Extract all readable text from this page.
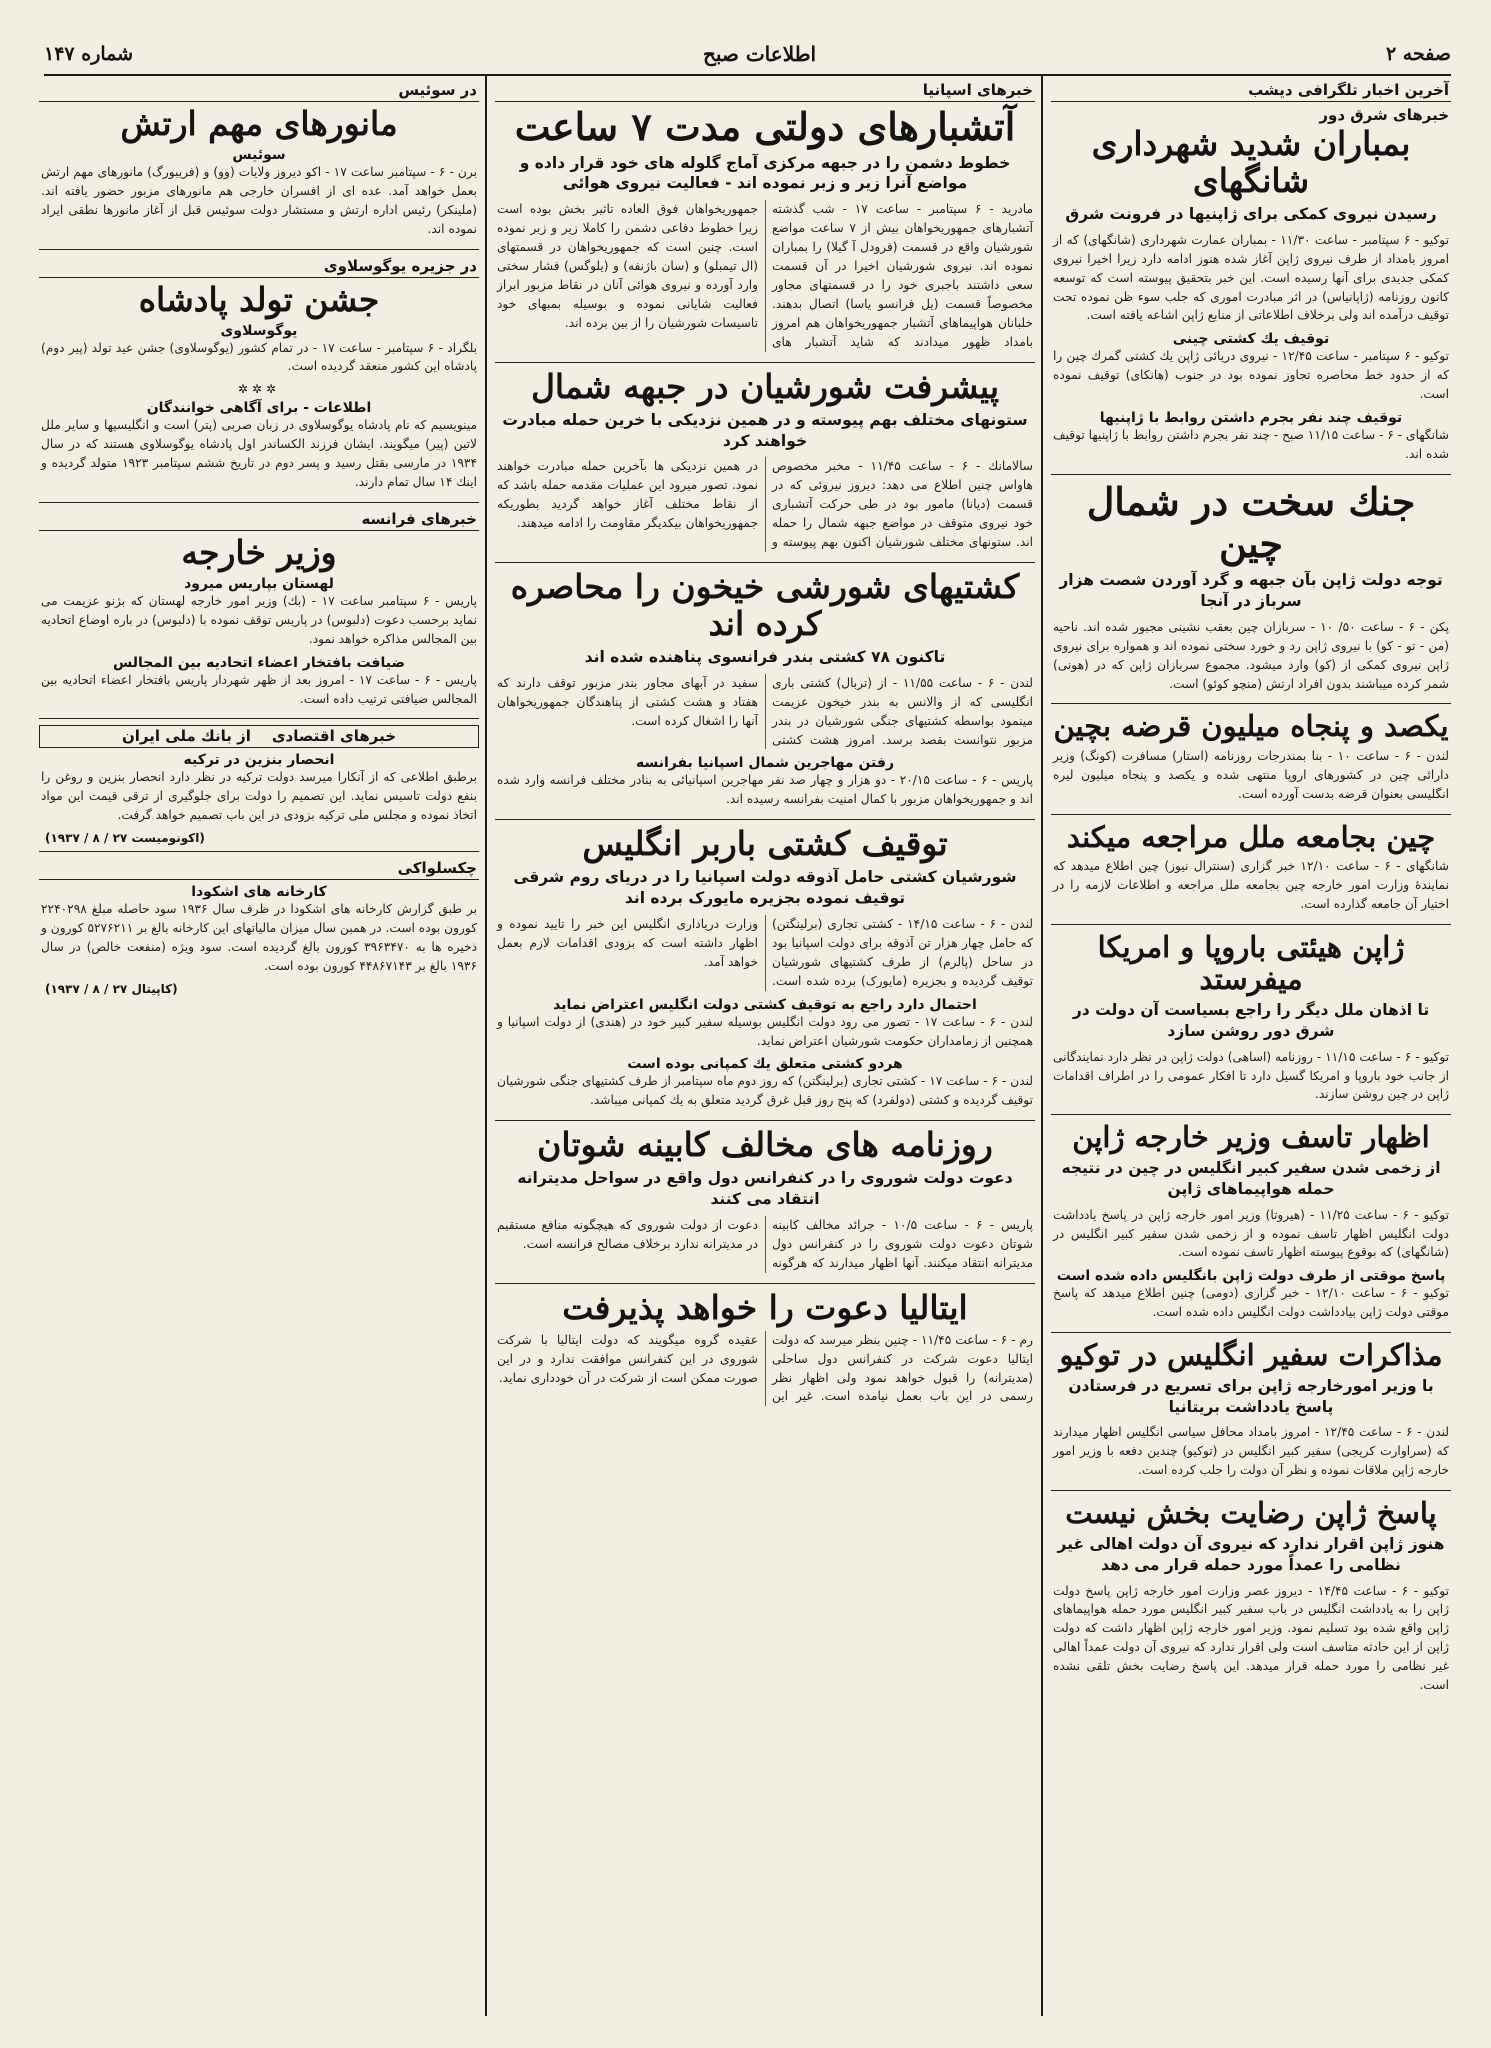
صفحه ۲
اطلاعات صبح
شماره ۱۴۷
آخرین اخبار تلگرافی دیشب
خبرهای شرق دور
بمباران شدید شهرداری شانگهای
رسیدن نیروی کمکی برای ژاپنیها در فرونت شرق
توکیو - ۶ سپتامبر - ساعت ۱۱/۳۰ - بمباران عمارت شهرداری (شانگهای) که از امروز بامداد از طرف نیروی ژاپن آغاز شده هنوز ادامه دارد زیرا اخیرا نیروی کمکی جدیدی برای آنها رسیده است. این خبر بتحقیق پیوسته است که توسعه کانون روزنامه (ژاپانیاس) در اثر مبادرت اموری که جلب سوء ظن نموده تحت توقیف درآمده اند ولی برخلاف اطلاعاتی از منابع ژاپن اشاعه یافته است.
توقیف یك كشتی چینی
توکیو - ۶ سپتامبر - ساعت ۱۲/۴۵ - نیروی دریائی ژاپن یك کشتی گمرك چین را که از حدود خط محاصره تجاوز نموده بود در جنوب (هانکای) توقیف نموده است.
توقیف چند نفر بجرم داشتن روابط با ژاپنیها
شانگهای - ۶ - ساعت ۱۱/۱۵ صبح - چند نفر بجرم داشتن روابط با ژاپنیها توقیف شده اند.
جنك سخت در شمال چین
توجه دولت ژاپن بآن جبهه و گرد آوردن شصت هزار سرباز در آنجا
پکن - ۶ - ساعت ۵۰/ ۱۰ - سربازان چین بعقب نشینی مجبور شده اند. ناحیه (من - تو - کو) با نیروی ژاپن رد و خورد سختی نموده اند و همواره برای نیروی ژاپن نیروی کمکی از (کو) وارد میشود. مجموع سربازان ژاپن که در (هونی) شمر کرده میباشند بدون افراد ارتش (منچو کوئو) است.
یکصد و پنجاه میلیون قرضه بچین
لندن - ۶ - ساعت ۱۰ - بنا بمندرجات روزنامه (استار) مسافرت (کونگ) وزیر دارائی چین در کشورهای اروپا منتهی شده و یکصد و پنجاه میلیون لیره انگلیسی بعنوان قرضه بدست آورده است.
چین بجامعه ملل مراجعه میکند
شانگهای - ۶ - ساعت ۱۲/۱۰ خبر گزاری (سنترال نیوز) چین اطلاع میدهد که نمایندهٔ وزارت امور خارجه چین بجامعه ملل مراجعه و اطلاعات لازمه را در اختیار آن جامعه گذارده است.
ژاپن هیئتی باروپا و امریکا میفرستد
تا اذهان ملل دیگر را راجع بسیاست آن دولت در شرق دور روشن سازد
توکیو - ۶ - ساعت ۱۱/۱۵ - روزنامه (اساهی) دولت ژاپن در نظر دارد نمایندگانی از جانب خود باروپا و امریکا گسیل دارد تا افکار عمومی را در اطراف اقدامات ژاپن در چین روشن سازند.
اظهار تاسف وزیر خارجه ژاپن
از زخمی شدن سفیر کبیر انگلیس در چین در نتیجه حمله هواپیماهای ژاپن
توکیو - ۶ - ساعت ۱۱/۲۵ - (هیروتا) وزیر امور خارجه ژاپن در پاسخ یادداشت دولت انگلیس اظهار تاسف نموده و از زخمی شدن سفیر کبیر انگلیس در (شانگهای) که بوقوع پیوسته اظهار تاسف نموده است.
پاسخ موقتی از طرف دولت ژاپن بانگلیس داده شده است
توکیو - ۶ - ساعت ۱۲/۱۰ - خبر گزاری (دومی) چنین اطلاع میدهد که پاسخ موقتی دولت ژاپن بیادداشت دولت انگلیس داده شده است.
مذاکرات سفیر انگلیس در توکیو
با وزیر امورخارجه ژاپن برای تسریع در فرستادن پاسخ یادداشت بریتانیا
لندن - ۶ - ساعت ۱۲/۴۵ - امروز بامداد محافل سیاسی انگلیس اظهار میدارند که (سراوارت کریجی) سفیر کبیر انگلیس در (توکیو) چندین دفعه با وزیر امور خارجه ژاپن ملاقات نموده و نظر آن دولت را جلب کرده است.
پاسخ ژاپن رضایت بخش نیست
هنوز ژاپن اقرار ندارد که نیروی آن دولت اهالی غیر نظامی را عمداً مورد حمله قرار می دهد
توکیو - ۶ - ساعت ۱۴/۴۵ - دیروز عصر وزارت امور خارجه ژاپن پاسخ دولت ژاپن را به یادداشت انگلیس در باب سفیر کبیر انگلیس مورد حمله هواپیماهای ژاپن واقع شده بود تسلیم نمود. وزیر امور خارجه ژاپن اظهار داشت که دولت ژاپن از این حادثه متاسف است ولی اقرار ندارد که نیروی آن دولت عمداً اهالی غیر نظامی را مورد حمله قرار میدهد. این پاسخ رضایت بخش تلقی نشده است.
خبرهای اسپانیا
آتشبارهای دولتی مدت ۷ ساعت
خطوط دشمن را در جبهه مرکزی آماج گلوله های خود قرار داده و مواضع آنرا زیر و زبر نموده اند - فعالیت نیروی هوائی
مادرید - ۶ سپتامبر - ساعت ۱۷ - شب گذشته آتشبارهای جمهوریخواهان بیش از ۷ ساعت مواضع شورشیان واقع در قسمت (فرودل آ گیلا) را بمباران نموده اند. نیروی شورشیان اخیرا در آن قسمت سعی داشتند باجبری خود را در قسمتهای مجاور مخصوصاً قسمت (یل فرانسو یاسا) اتصال بدهند. خلبانان هواپیماهای آتشبار جمهوریخواهان هم امروز بامداد ظهور میدادند که شاید آتشبار های جمهوریخواهان فوق العاده تاثیر بخش بوده است زیرا خطوط دفاعی دشمن را کاملا زیر و زبر نموده است. چنین است که جمهوریخواهان در قسمتهای (ال تیمبلو) و (سان باژنفه) و (یلوگس) فشار سختی وارد آورده و نیروی هوائی آنان در نقاط مزبور ابراز فعالیت شایانی نموده و بوسیله بمبهای خود تاسیسات شورشیان را از بین برده اند.
پیشرفت شورشیان در جبهه شمال
ستونهای مختلف بهم پیوسته و در همین نزدیکی با خرین حمله مبادرت خواهند کرد
سالامانك - ۶ - ساعت ۱۱/۴۵ - مخبر مخصوص هاواس چنین اطلاع می دهد: دیروز نیروئی که در قسمت (دیانا) مامور بود در طی حرکت آتشباری خود نیروی متوقف در مواضع جبهه شمال را حمله اند. ستونهای مختلف شورشیان اکنون بهم پیوسته و در همین نزدیکی ها بآخرین حمله مبادرت خواهند نمود. تصور میرود این عملیات مقدمه حمله باشد که از نقاط مختلف آغاز خواهد گردید بطوریکه جمهوریخواهان بیکدیگر مقاومت را ادامه میدهند.
کشتیهای شورشی خیخون را محاصره کرده اند
تاکنون ۷۸ کشتی بندر فرانسوی پناهنده شده اند
لندن - ۶ - ساعت ۱۱/۵۵ - از (تربال) کشتی باری انگلیسی که از والانس به بندر خیخون عزیمت مینمود بواسطه کشتیهای جنگی شورشیان در بندر مزبور نتوانست بقصد برسد. امروز هشت کشتی سفید در آبهای مجاور بندر مزبور توقف دارند که هفتاد و هشت کشتی از پناهندگان جمهوریخواهان آنها را اشغال کرده است.
رفتن مهاجرین شمال اسپانیا بفرانسه
پاریس - ۶ - ساعت ۲۰/۱۵ - دو هزار و چهار صد نفر مهاجرین اسپانیائی به بنادر مختلف فرانسه وارد شده اند و جمهوریخواهان مزبور با کمال امنیت بفرانسه رسیده اند.
توقیف کشتی باربر انگلیس
شورشیان کشتی حامل آذوقه دولت اسپانیا را در دریای روم شرقی توقیف نموده بجزیره مایورک برده اند
لندن - ۶ - ساعت ۱۴/۱۵ - کشتی تجاری (برلینگتن) که حامل چهار هزار تن آذوقه برای دولت اسپانیا بود در ساحل (پالرم) از طرف کشتیهای شورشیان توقیف گردیده و بجزیره (مایورک) برده شده است. وزارت دریاداری انگلیس این خبر را تایید نموده و اظهار داشته است که بزودی اقدامات لازم بعمل خواهد آمد.
احتمال دارد راجع به توقیف کشتی دولت انگلیس اعتراض نماید
لندن - ۶ - ساعت ۱۷ - تصور می رود دولت انگلیس بوسیله سفیر کبیر خود در (هندی) از دولت اسپانیا و همچنین از زمامداران حکومت شورشیان اعتراض نماید.
هردو کشتی متعلق یك كمپانی بوده است
لندن - ۶ - ساعت ۱۷ - کشتی تجاری (برلینگتن) که روز دوم ماه سپتامبر از طرف کشتیهای جنگی شورشیان توقیف گردیده و کشتی (دولفرد) که پنج روز قبل غرق گردید متعلق به یك كمپانی میباشد.
روزنامه های مخالف کابینه شوتان
دعوت دولت شوروی را در کنفرانس دول واقع در سواحل مدیترانه انتقاد می کنند
پاریس - ۶ - ساعت ۱۰/۵ - جرائد مخالف کابینه شوتان دعوت دولت شوروی را در کنفرانس دول مدیترانه انتقاد میکنند. آنها اظهار میدارند که هرگونه دعوت از دولت شوروی که هیچگونه منافع مستقیم در مدیترانه ندارد برخلاف مصالح فرانسه است.
ایتالیا دعوت را خواهد پذیرفت
رم - ۶ - ساعت ۱۱/۴۵ - چنین بنظر میرسد که دولت ایتالیا دعوت شرکت در کنفرانس دول ساحلی (مدیترانه) را قبول خواهد نمود ولی اظهار نظر رسمی در این باب بعمل نیامده است. غیر این عقیده گروه میگویند که دولت ایتالیا با شرکت شوروی در این کنفرانس موافقت ندارد و در این صورت ممکن است از شرکت در آن خودداری نماید.
در سوئیس
مانورهای مهم ارتش
سوئیس
برن - ۶ - سپتامبر ساعت ۱۷ - اکو دیروز ولایات (وو) و (فریبورگ) مانورهای مهم ارتش بعمل خواهد آمد. عده ای از افسران خارجی هم مانورهای مزبور حضور یافته اند. (ملینکر) رئیس اداره ارتش و مستشار دولت سوئیس قبل از آغاز مانورها نطقی ایراد نموده اند.
در جزیره یوگوسلاوی
جشن تولد پادشاه
یوگوسلاوی
بلگراد - ۶ سپتامبر - ساعت ۱۷ - در تمام کشور (یوگوسلاوی) جشن عید تولد (پیر دوم) پادشاه این کشور منعقد گردیده است.
✲✲✲
اطلاعات - برای آگاهی خوانندگان
مینویسیم که نام پادشاه یوگوسلاوی در زبان صربی (پتر) است و انگلیسیها و سایر ملل لاتین (پیر) میگویند. ایشان فرزند الکساندر اول پادشاه یوگوسلاوی هستند که در سال ۱۹۳۴ در مارسی بقتل رسید و پسر دوم در تاریخ ششم سپتامبر ۱۹۲۳ متولد گردیده و اینك ۱۴ سال تمام دارند.
خبرهای فرانسه
وزیر خارجه
لهستان بپاریس میرود
پاریس - ۶ سپتامبر ساعت ۱۷ - (بك) وزیر امور خارجه لهستان که بژنو عزیمت می نماید برحسب دعوت (دلبوس) در پاریس توقف نموده با (دلبوس) در باره اوضاع اتحادیه بین المجالس مذاکره خواهد نمود.
ضیافت بافتخار اعضاء اتحادیه بین المجالس
پاریس - ۶ - ساعت ۱۷ - امروز بعد از ظهر شهردار پاریس بافتخار اعضاء اتحادیه بین المجالس ضیافتی ترتیب داده است.
خبرهای اقتصادی    از بانك ملی ایران
انحصار بنزین در ترکیه
برطبق اطلاعی که از آنکارا میرسد دولت ترکیه در نظر دارد انحصار بنزین و روغن را بنفع دولت تاسیس نماید. این تصمیم را دولت برای جلوگیری از ترقی قیمت این مواد اتخاذ نموده و مجلس ملی ترکیه بزودی در این باب تصمیم خواهد گرفت.
(اکونومیست ۲۷ / ۸ / ۱۹۳۷)
چکسلواکی
کارخانه های اشکودا
بر طبق گزارش کارخانه های اشکودا در ظرف سال ۱۹۳۶ سود حاصله مبلغ ۲۲۴۰۲۹۸ کورون بوده است. در همین سال میزان مالیاتهای این کارخانه بالغ بر ۵۲۷۶۲۱۱ کورون و ذخیره ها به ۳۹۶۳۴۷۰ کورون بالغ گردیده است. سود ویژه (منفعت خالص) در سال ۱۹۳۶ بالغ بر ۴۴۸۶۷۱۴۳ کورون بوده است.
(کاپیتال ۲۷ / ۸ / ۱۹۳۷)
